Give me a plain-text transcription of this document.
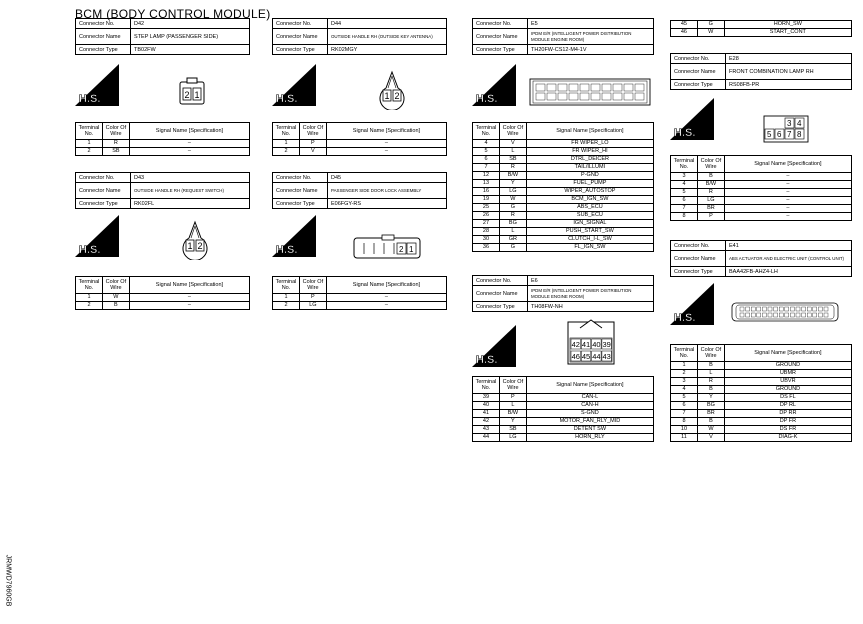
BCM (BODY CONTROL MODULE)
Connector No.	D42
Connector Name	STEP LAMP (PASSENGER SIDE)
Connector Type	TB02FW
H.S.	2 1
Terminal No.	Color Of Wire	Signal Name [Specification]
1	R	–
2	SB	–
Connector No.	D44
Connector Name	OUTSIDE HANDLE RH (OUTSIDE KEY ANTENNA)
Connector Type	RK02MGY
H.S.	1 2
Terminal No.	Color Of Wire	Signal Name [Specification]
1	P	–
2	V	–
Connector No.	D43
Connector Name	OUTSIDE HANDLE RH (REQUEST SWITCH)
Connector Type	RK02FL
H.S.	1 2
Terminal No.	Color Of Wire	Signal Name [Specification]
1	W	–
2	B	–
Connector No.	D45
Connector Name	PASSENGER SIDE DOOR LOCK ASSEMBLY
Connector Type	E06FGY-RS
H.S.	2 1
Terminal No.	Color Of Wire	Signal Name [Specification]
1	P	–
2	LG	–
Connector No.	E5
Connector Name	IPDM E/R (INTELLIGENT POWER DISTRIBUTION MODULE ENGINE ROOM)
Connector Type	TH20FW-CS12-M4-1V
H.S.
Terminal No.	Color Of Wire	Signal Name [Specification]
4	V	FR WIPER_LO
5	L	FR WIPER_HI
6	SB	DTRL_DEICER
7	R	TAIL/ILLUMI
12	B/W	P-GND
13	Y	FUEL_PUMP
16	LG	WIPER_AUTOSTOP
19	W	BCM_IGN_SW
25	G	ABS_ECU
26	R	SUB_ECU
27	BG	IGN_SIGNAL
28	L	PUSH_START_SW
30	GR	CLUTCH_I-L_SW
36	G	FL_IGN_SW
Connector No.	E6
Connector Name	IPDM E/R (INTELLIGENT POWER DISTRIBUTION MODULE ENGINE ROOM)
Connector Type	TH08FW-NH
H.S.
42 41 40 39
46 45 44 43
Terminal No.	Color Of Wire	Signal Name [Specification]
39	P	CAN-L
40	L	CAN-H
41	B/W	S-GND
42	Y	MOTOR_FAN_RLY_MID
43	SB	DETENT SW
44	LG	HORN_RLY
45	G	HORN_SW
46	W	START_CONT
Connector No.	E28
Connector Name	FRONT COMBINATION LAMP RH
Connector Type	RS08FB-PR
H.S.
3 4
5 6 7 8
Terminal No.	Color Of Wire	Signal Name [Specification]
3	B	–
4	B/W	–
5	R	–
6	LG	–
7	BR	–
8	P	–
Connector No.	E41
Connector Name	ABS ACTUATOR AND ELECTRIC UNIT (CONTROL UNIT)
Connector Type	BAA42FB-AHZ4-LH
H.S.
Terminal No.	Color Of Wire	Signal Name [Specification]
1	B	GROUND
2	L	UBMR
3	R	UBVR
4	B	GROUND
5	Y	DS FL
6	BG	DP RL
7	BR	DP RR
8	B	DP FR
10	W	DS FR
11	V	DIAG-K
JRMWD7960GB
